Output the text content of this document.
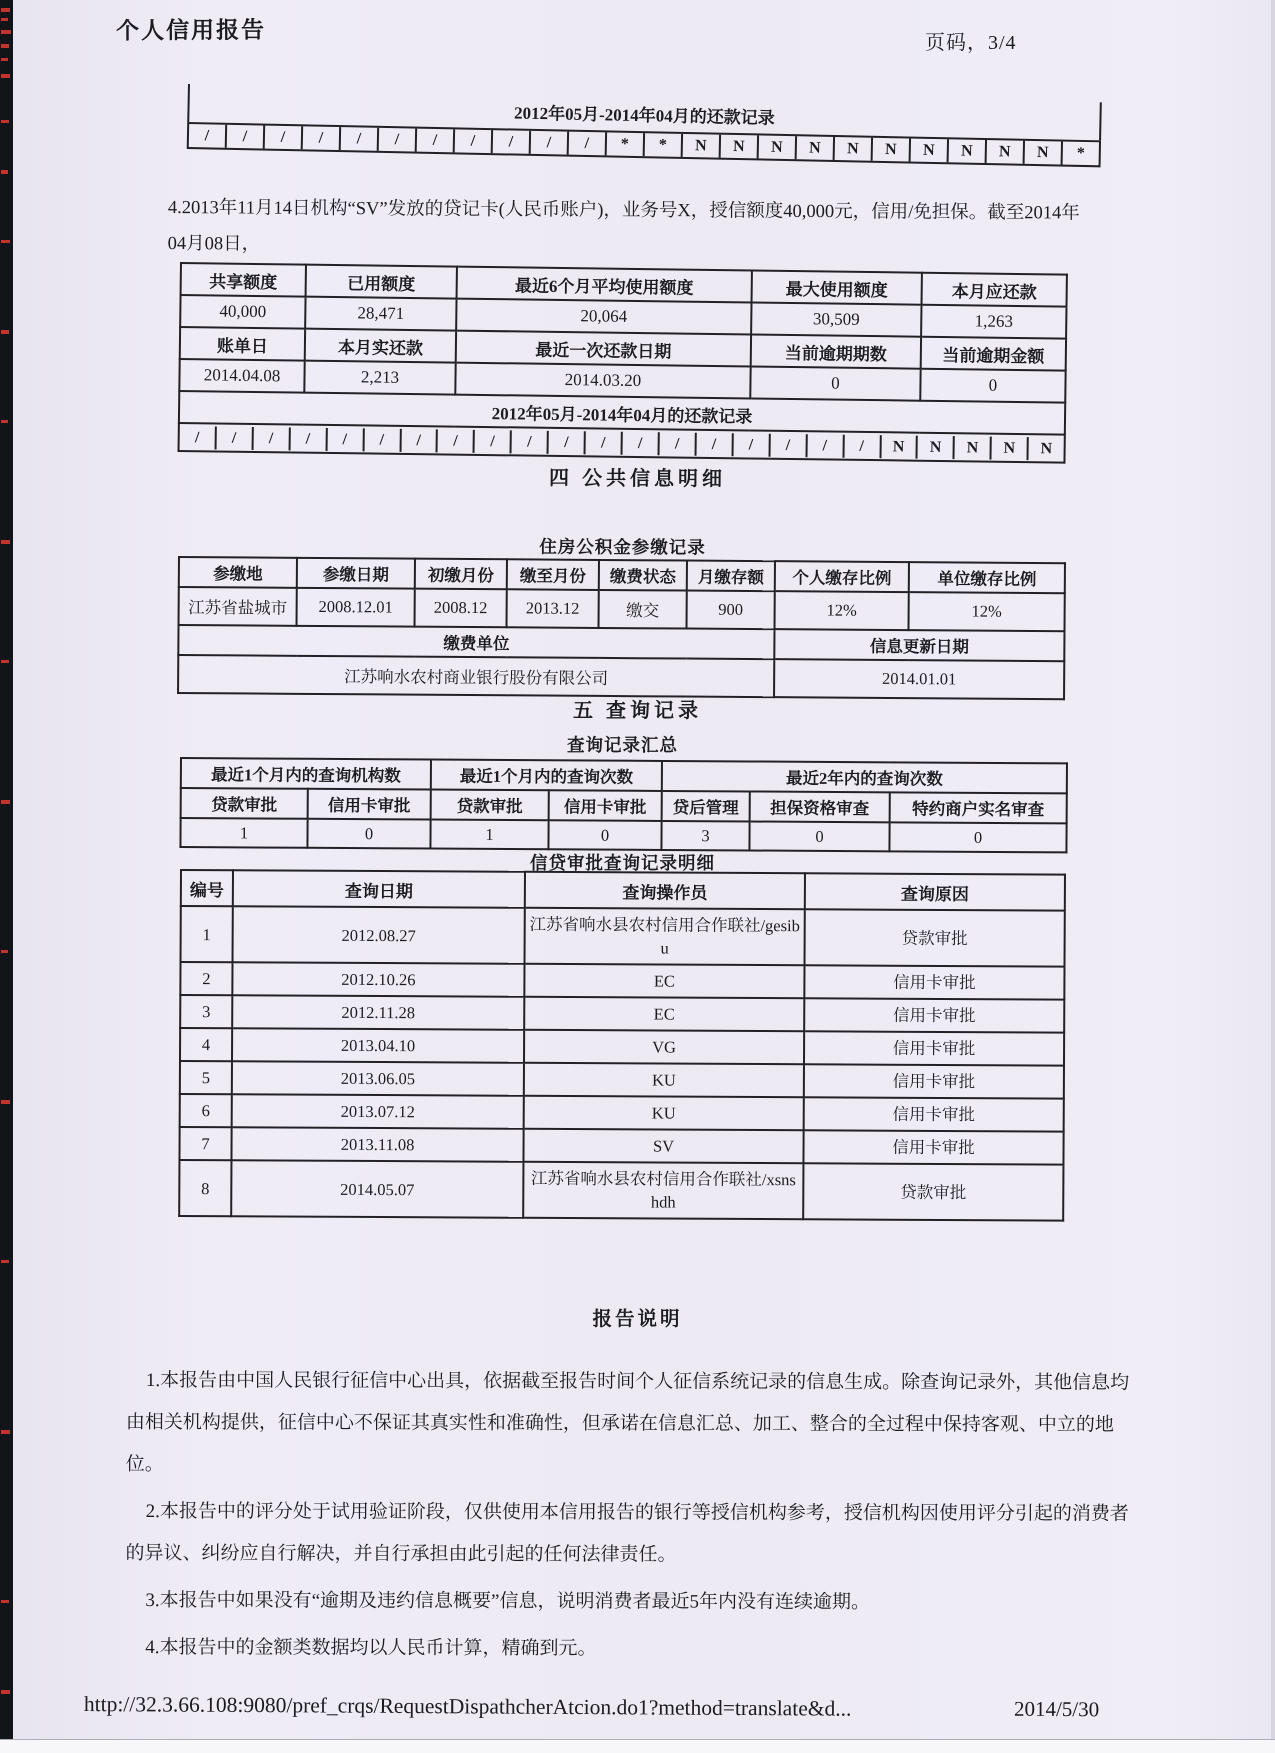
个人信用报告	页码，3/4
2012年05月-2014年04月的还款记录
/	/	/	/	/	/	/	/	/	/	/	*	*	N	N	N	N	N	N	N	N	N	N	*
4.2013年11月14日机构“SV”发放的贷记卡(人民币账户)，业务号X，授信额度40,000元，信用/免担保。截至2014年
04月08日，
共享额度	已用额度	最近6个月平均使用额度	最大使用额度	本月应还款
40,000	28,471	20,064	30,509	1,263
账单日	本月实还款	最近一次还款日期	当前逾期期数	当前逾期金额
2014.04.08	2,213	2014.03.20	0	0
2012年05月-2014年04月的还款记录				

/	/	/	/	/	/	/	/	/	/	/	/	/	/	/	/	/	/	/	N	N	N	N	N
四 公共信息明细
住房公积金参缴记录
参缴地	参缴日期	初缴月份	缴至月份	缴费状态	月缴存额	个人缴存比例	单位缴存比例
江苏省盐城市	2008.12.01	2008.12	2013.12	缴交	900	12%	12%
缴费单位						信息更新日期	
江苏响水农村商业银行股份有限公司						2014.01.01	
五 查询记录
查询记录汇总
最近1个月内的查询机构数		最近1个月内的查询次数		最近2年内的查询次数		
贷款审批	信用卡审批	贷款审批	信用卡审批	贷后管理	担保资格审查	特约商户实名审查
1	0	1	0	3	0	0
信贷审批查询记录明细
编号	查询日期	查询操作员	查询原因
1	2012.08.27	江苏省响水县农村信用合作联社/gesibu	贷款审批
2	2012.10.26	EC	信用卡审批
3	2012.11.28	EC	信用卡审批
4	2013.04.10	VG	信用卡审批
5	2013.06.05	KU	信用卡审批
6	2013.07.12	KU	信用卡审批
7	2013.11.08	SV	信用卡审批
8	2014.05.07	江苏省响水县农村信用合作联社/xsnshdh	贷款审批
报告说明

1.本报告由中国人民银行征信中心出具，依据截至报告时间个人征信系统记录的信息生成。除查询记录外，其他信息均由相关机构提供，征信中心不保证其真实性和准确性，但承诺在信息汇总、加工、整合的全过程中保持客观、中立的地位。

2.本报告中的评分处于试用验证阶段，仅供使用本信用报告的银行等授信机构参考，授信机构因使用评分引起的消费者的异议、纠纷应自行解决，并自行承担由此引起的任何法律责任。

3.本报告中如果没有“逾期及违约信息概要”信息，说明消费者最近5年内没有连续逾期。

4.本报告中的金额类数据均以人民币计算，精确到元。

http://32.3.66.108:9080/pref_crqs/RequestDispathcherAtcion.do1?method=translate&d...	2014/5/30
